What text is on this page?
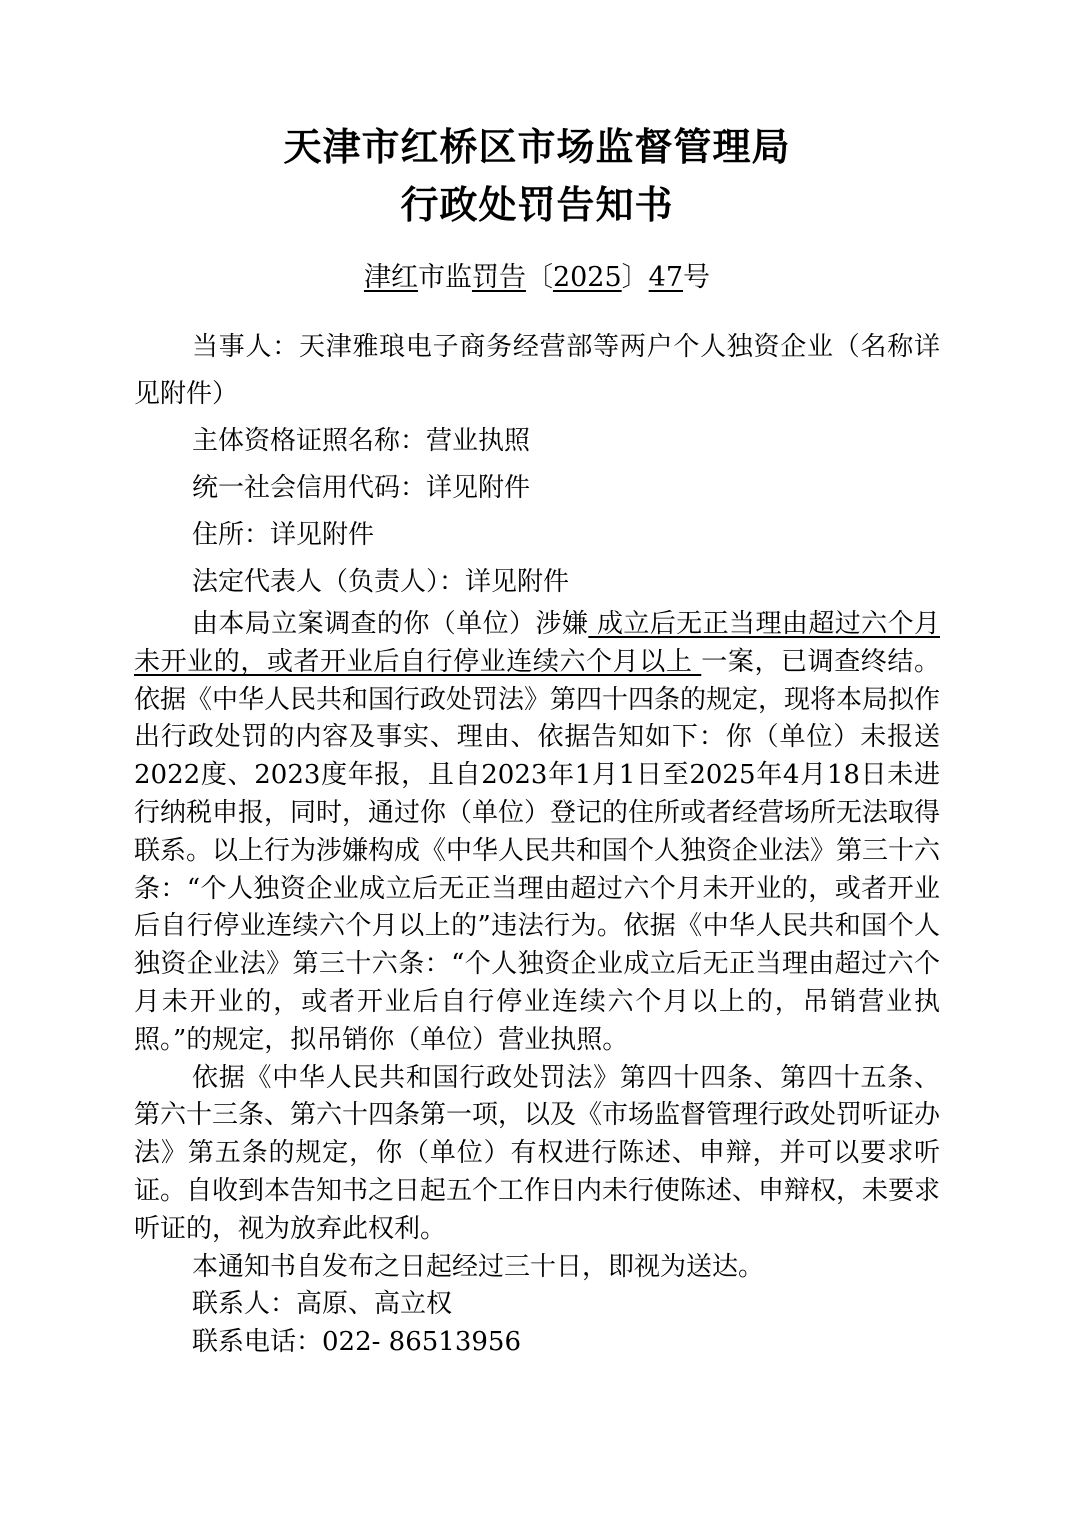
天津市红桥区市场监督管理局
行政处罚告知书
津红市监罚告〔2025〕47号

当事人：天津雅琅电子商务经营部等两户个人独资企业（名称详见附件）

主体资格证照名称：营业执照

统一社会信用代码：详见附件

住所：详见附件

法定代表人（负责人）：详见附件

由本局立案调查的你（单位）涉嫌 成立后无正当理由超过六个月未开业的，或者开业后自行停业连续六个月以上 一案，已调查终结。依据《中华人民共和国行政处罚法》第四十四条的规定，现将本局拟作出行政处罚的内容及事实、理由、依据告知如下：你（单位）未报送2022度、2023度年报，且自2023年1月1日至2025年4月18日未进行纳税申报，同时，通过你（单位）登记的住所或者经营场所无法取得联系。以上行为涉嫌构成《中华人民共和国个人独资企业法》第三十六条：“个人独资企业成立后无正当理由超过六个月未开业的，或者开业后自行停业连续六个月以上的”违法行为。依据《中华人民共和国个人独资企业法》第三十六条：“个人独资企业成立后无正当理由超过六个月未开业的，或者开业后自行停业连续六个月以上的，吊销营业执照。”的规定，拟吊销你（单位）营业执照。

依据《中华人民共和国行政处罚法》第四十四条、第四十五条、第六十三条、第六十四条第一项，以及《市场监督管理行政处罚听证办法》第五条的规定，你（单位）有权进行陈述、申辩，并可以要求听证。自收到本告知书之日起五个工作日内未行使陈述、申辩权，未要求听证的，视为放弃此权利。

本通知书自发布之日起经过三十日，即视为送达。

联系人：高原、高立权

联系电话：022- 86513956
